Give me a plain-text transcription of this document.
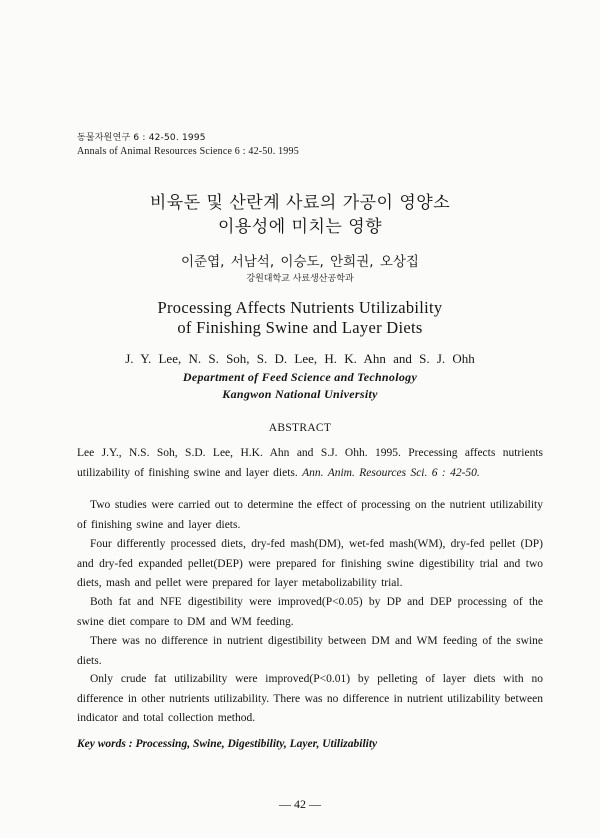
동물자원연구 6 : 42-50. 1995
Annals of Animal Resources Science 6 : 42-50. 1995
비육돈 및 산란계 사료의 가공이 영양소
이용성에 미치는 영향
이준엽, 서남석, 이승도, 안희권, 오상집
강원대학교 사료생산공학과
Processing Affects Nutrients Utilizability
of Finishing Swine and Layer Diets
J. Y. Lee, N. S. Soh, S. D. Lee, H. K. Ahn and S. J. Ohh
Department of Feed Science and Technology
Kangwon National University
ABSTRACT
Lee J.Y., N.S. Soh, S.D. Lee, H.K. Ahn and S.J. Ohh. 1995. Precessing affects nutrients utilizability of finishing swine and layer diets. Ann. Anim. Resources Sci. 6 : 42-50.
Two studies were carried out to determine the effect of processing on the nutrient utilizability of finishing swine and layer diets.
Four differently processed diets, dry-fed mash(DM), wet-fed mash(WM), dry-fed pellet (DP) and dry-fed expanded pellet(DEP) were prepared for finishing swine digestibility trial and two diets, mash and pellet were prepared for layer metabolizability trial.
Both fat and NFE digestibility were improved(P<0.05) by DP and DEP processing of the swine diet compare to DM and WM feeding.
There was no difference in nutrient digestibility between DM and WM feeding of the swine diets.
Only crude fat utilizability were improved(P<0.01) by pelleting of layer diets with no difference in other nutrients utilizability. There was no difference in nutrient utilizability between indicator and total collection method.
Key words : Processing, Swine, Digestibility, Layer, Utilizability
— 42 —
